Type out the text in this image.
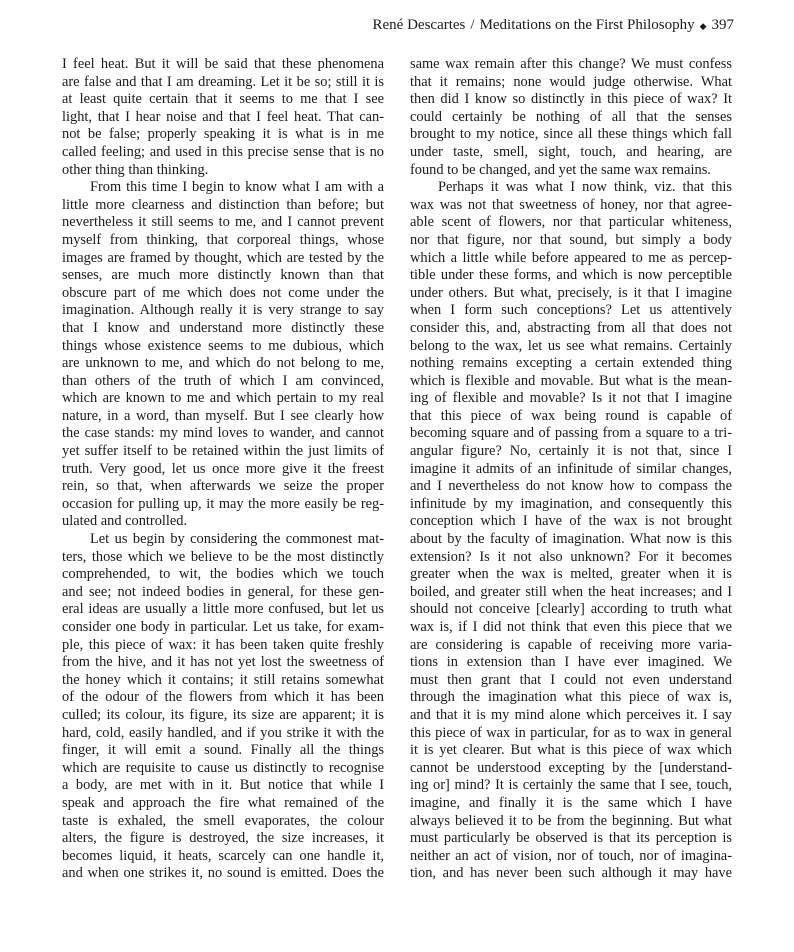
René Descartes / Meditations on the First Philosophy ◆ 397
I feel heat. But it will be said that these phenomena
are false and that I am dreaming. Let it be so; still it is
at least quite certain that it seems to me that I see
light, that I hear noise and that I feel heat. That can-
not be false; properly speaking it is what is in me
called feeling; and used in this precise sense that is no
other thing than thinking.
From this time I begin to know what I am with a
little more clearness and distinction than before; but
nevertheless it still seems to me, and I cannot prevent
myself from thinking, that corporeal things, whose
images are framed by thought, which are tested by the
senses, are much more distinctly known than that
obscure part of me which does not come under the
imagination. Although really it is very strange to say
that I know and understand more distinctly these
things whose existence seems to me dubious, which
are unknown to me, and which do not belong to me,
than others of the truth of which I am convinced,
which are known to me and which pertain to my real
nature, in a word, than myself. But I see clearly how
the case stands: my mind loves to wander, and cannot
yet suffer itself to be retained within the just limits of
truth. Very good, let us once more give it the freest
rein, so that, when afterwards we seize the proper
occasion for pulling up, it may the more easily be reg-
ulated and controlled.
Let us begin by considering the commonest mat-
ters, those which we believe to be the most distinctly
comprehended, to wit, the bodies which we touch
and see; not indeed bodies in general, for these gen-
eral ideas are usually a little more confused, but let us
consider one body in particular. Let us take, for exam-
ple, this piece of wax: it has been taken quite freshly
from the hive, and it has not yet lost the sweetness of
the honey which it contains; it still retains somewhat
of the odour of the flowers from which it has been
culled; its colour, its figure, its size are apparent; it is
hard, cold, easily handled, and if you strike it with the
finger, it will emit a sound. Finally all the things
which are requisite to cause us distinctly to recognise
a body, are met with in it. But notice that while I
speak and approach the fire what remained of the
taste is exhaled, the smell evaporates, the colour
alters, the figure is destroyed, the size increases, it
becomes liquid, it heats, scarcely can one handle it,
and when one strikes it, no sound is emitted. Does the
same wax remain after this change? We must confess
that it remains; none would judge otherwise. What
then did I know so distinctly in this piece of wax? It
could certainly be nothing of all that the senses
brought to my notice, since all these things which fall
under taste, smell, sight, touch, and hearing, are
found to be changed, and yet the same wax remains.
Perhaps it was what I now think, viz. that this
wax was not that sweetness of honey, nor that agree-
able scent of flowers, nor that particular whiteness,
nor that figure, nor that sound, but simply a body
which a little while before appeared to me as percep-
tible under these forms, and which is now perceptible
under others. But what, precisely, is it that I imagine
when I form such conceptions? Let us attentively
consider this, and, abstracting from all that does not
belong to the wax, let us see what remains. Certainly
nothing remains excepting a certain extended thing
which is flexible and movable. But what is the mean-
ing of flexible and movable? Is it not that I imagine
that this piece of wax being round is capable of
becoming square and of passing from a square to a tri-
angular figure? No, certainly it is not that, since I
imagine it admits of an infinitude of similar changes,
and I nevertheless do not know how to compass the
infinitude by my imagination, and consequently this
conception which I have of the wax is not brought
about by the faculty of imagination. What now is this
extension? Is it not also unknown? For it becomes
greater when the wax is melted, greater when it is
boiled, and greater still when the heat increases; and I
should not conceive [clearly] according to truth what
wax is, if I did not think that even this piece that we
are considering is capable of receiving more varia-
tions in extension than I have ever imagined. We
must then grant that I could not even understand
through the imagination what this piece of wax is,
and that it is my mind alone which perceives it. I say
this piece of wax in particular, for as to wax in general
it is yet clearer. But what is this piece of wax which
cannot be understood excepting by the [understand-
ing or] mind? It is certainly the same that I see, touch,
imagine, and finally it is the same which I have
always believed it to be from the beginning. But what
must particularly be observed is that its perception is
neither an act of vision, nor of touch, nor of imagina-
tion, and has never been such although it may have
